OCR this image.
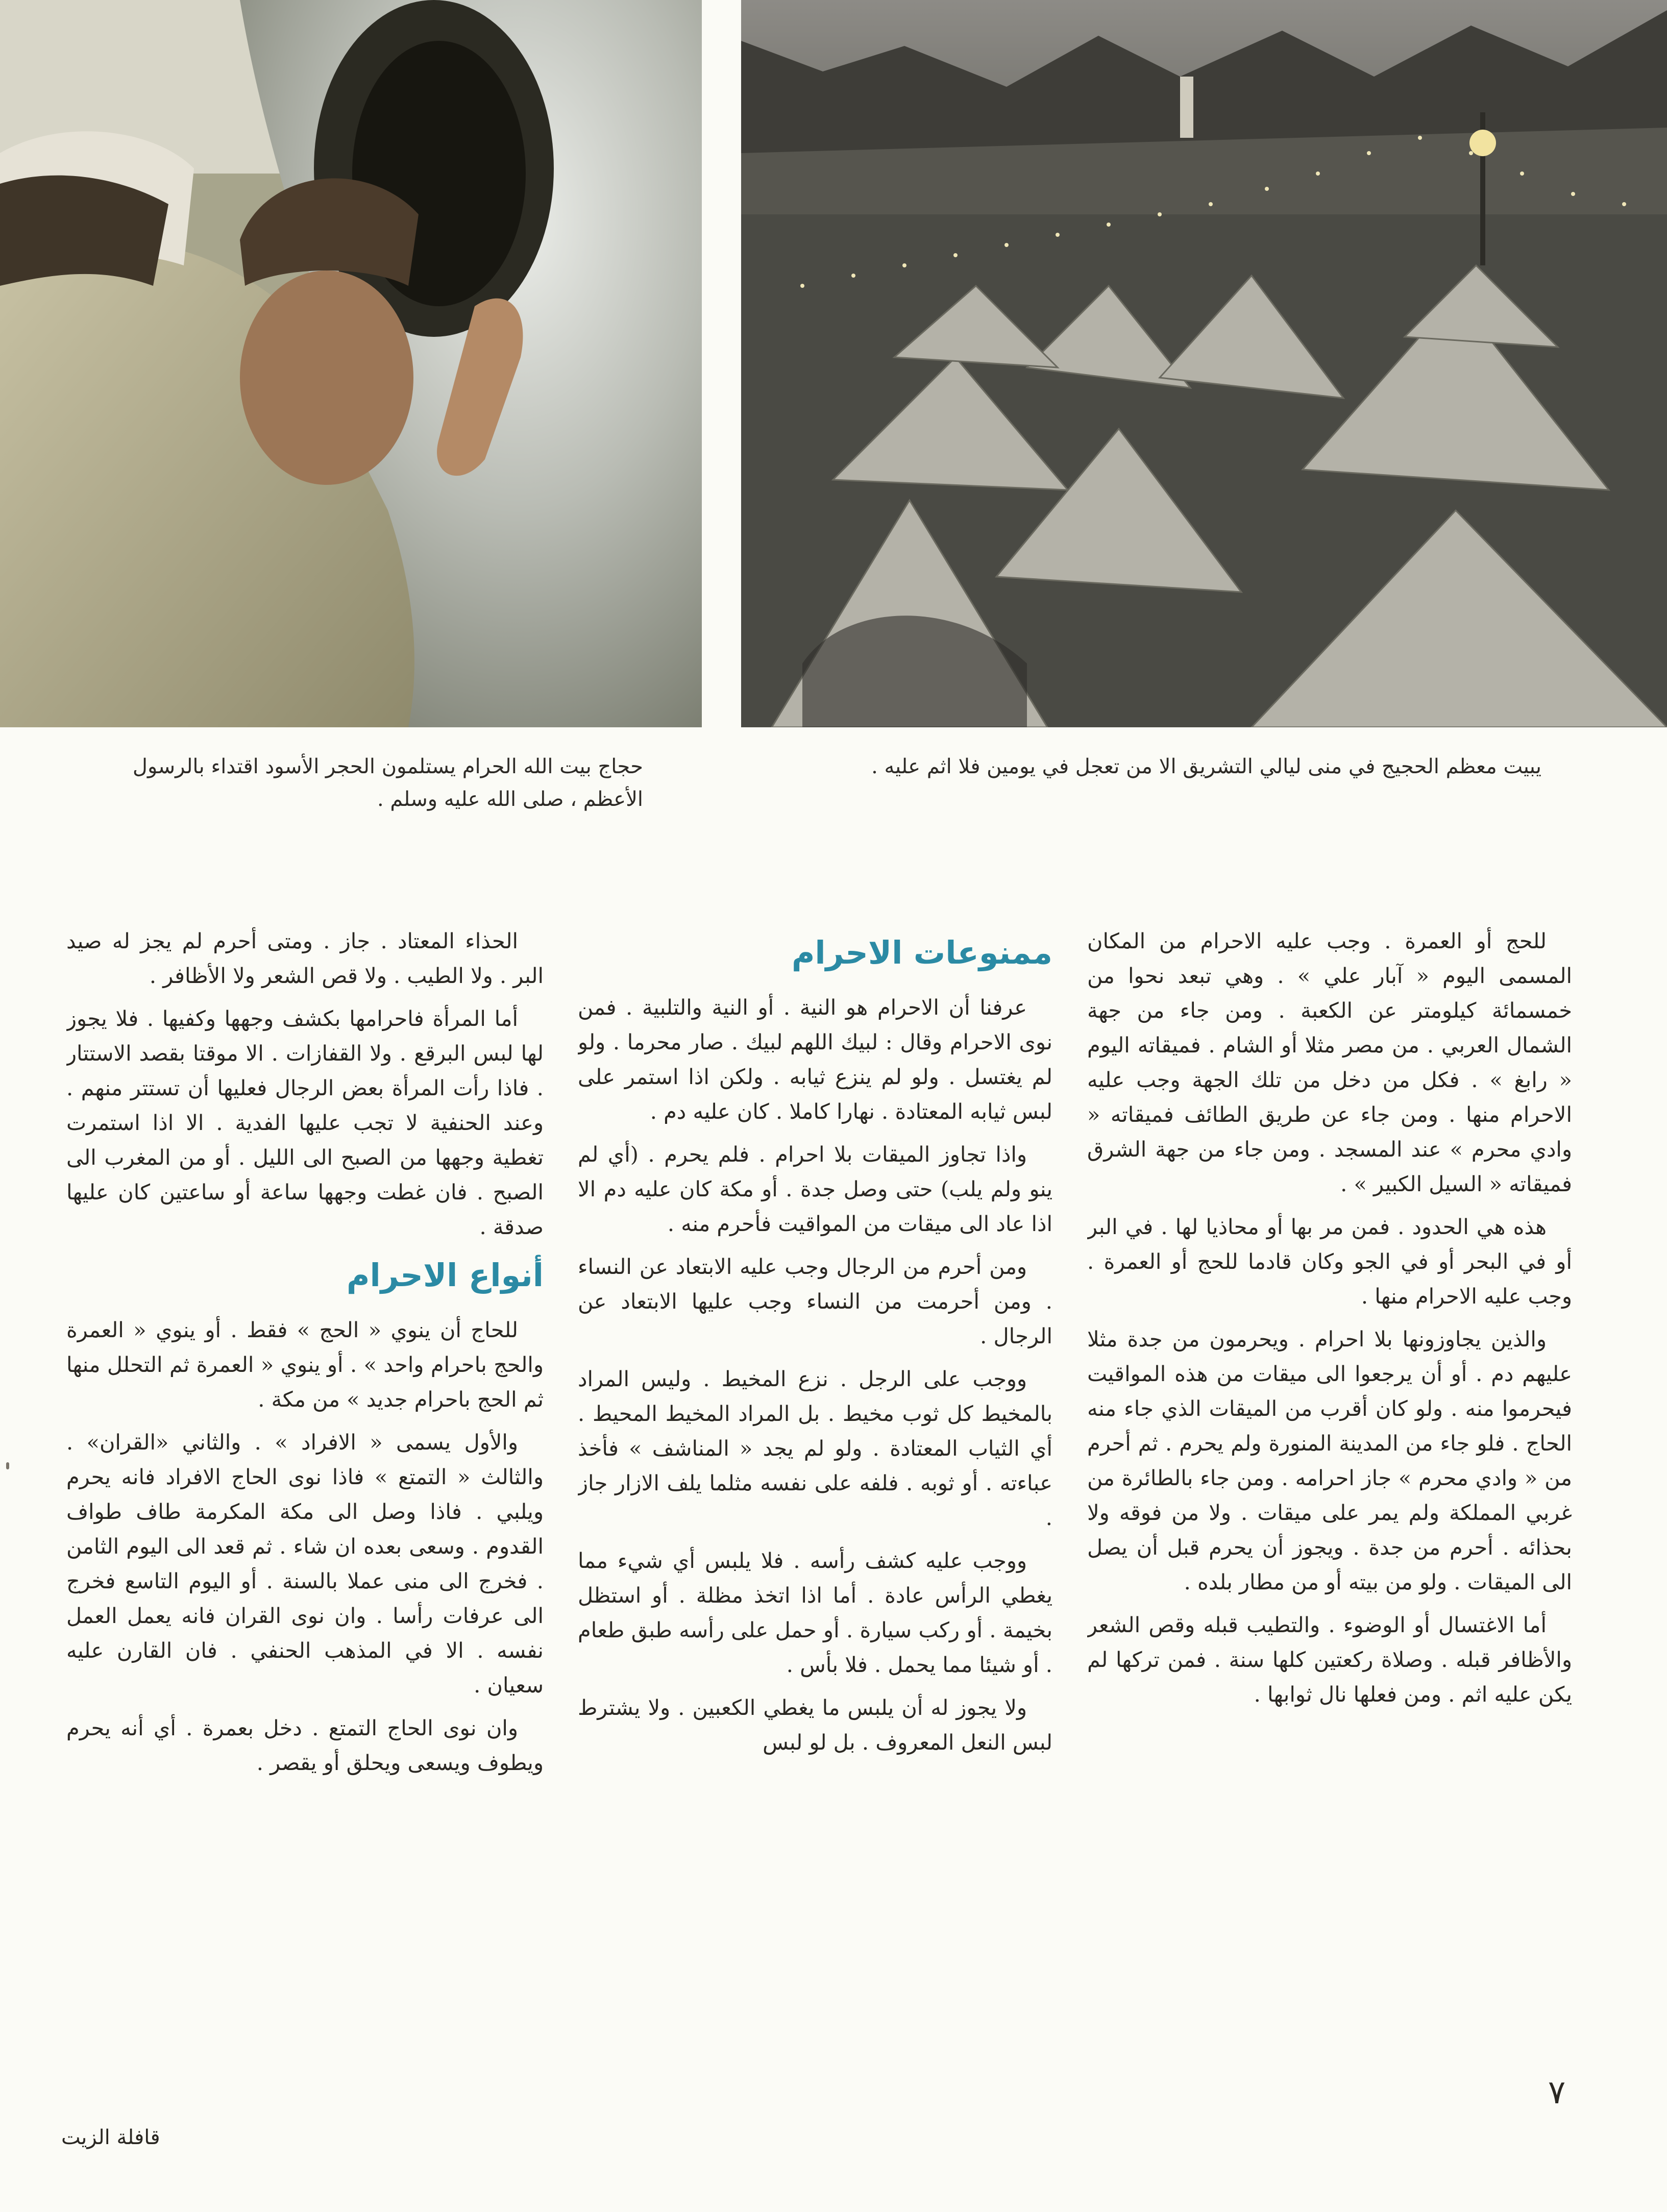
حجاج بيت الله الحرام يستلمون الحجر الأسود اقتداء بالرسول الأعظم ، صلى الله عليه وسلم .
يبيت معظم الحجيج في منى ليالي التشريق الا من تعجل في يومين فلا اثم عليه .

للحج أو العمرة . وجب عليه الاحرام من المكان المسمى اليوم « آبار علي » . وهي تبعد نحوا من خمسمائة كيلومتر عن الكعبة . ومن جاء من جهة الشمال العربي . من مصر مثلا أو الشام . فميقاته اليوم « رابغ » . فكل من دخل من تلك الجهة وجب عليه الاحرام منها . ومن جاء عن طريق الطائف فميقاته « وادي محرم » عند المسجد . ومن جاء من جهة الشرق فميقاته « السيل الكبير » .

هذه هي الحدود . فمن مر بها أو محاذيا لها . في البر أو في البحر أو في الجو وكان قادما للحج أو العمرة . وجب عليه الاحرام منها .

والذين يجاوزونها بلا احرام . ويحرمون من جدة مثلا عليهم دم . أو أن يرجعوا الى ميقات من هذه المواقيت فيحرموا منه . ولو كان أقرب من الميقات الذي جاء منه الحاج . فلو جاء من المدينة المنورة ولم يحرم . ثم أحرم من « وادي محرم » جاز احرامه . ومن جاء بالطائرة من غربي المملكة ولم يمر على ميقات . ولا من فوقه ولا بحذائه . أحرم من جدة . ويجوز أن يحرم قبل أن يصل الى الميقات . ولو من بيته أو من مطار بلده .

أما الاغتسال أو الوضوء . والتطيب قبله وقص الشعر والأظافر قبله . وصلاة ركعتين كلها سنة . فمن تركها لم يكن عليه اثم . ومن فعلها نال ثوابها .

ممنوعات الاحرام

عرفنا أن الاحرام هو النية . أو النية والتلبية . فمن نوى الاحرام وقال : لبيك اللهم لبيك . صار محرما . ولو لم يغتسل . ولو لم ينزع ثيابه . ولكن اذا استمر على لبس ثيابه المعتادة . نهارا كاملا . كان عليه دم .

واذا تجاوز الميقات بلا احرام . فلم يحرم . (أي لم ينو ولم يلب) حتى وصل جدة . أو مكة كان عليه دم الا اذا عاد الى ميقات من المواقيت فأحرم منه .

ومن أحرم من الرجال وجب عليه الابتعاد عن النساء . ومن أحرمت من النساء وجب عليها الابتعاد عن الرجال .

ووجب على الرجل . نزع المخيط . وليس المراد بالمخيط كل ثوب مخيط . بل المراد المخيط المحيط . أي الثياب المعتادة . ولو لم يجد « المناشف » فأخذ عباءته . أو ثوبه . فلفه على نفسه مثلما يلف الازار جاز .

ووجب عليه كشف رأسه . فلا يلبس أي شيء مما يغطي الرأس عادة . أما اذا اتخذ مظلة . أو استظل بخيمة . أو ركب سيارة . أو حمل على رأسه طبق طعام . أو شيئا مما يحمل . فلا بأس .

ولا يجوز له أن يلبس ما يغطي الكعبين . ولا يشترط لبس النعل المعروف . بل لو لبس

الحذاء المعتاد . جاز . ومتى أحرم لم يجز له صيد البر . ولا الطيب . ولا قص الشعر ولا الأظافر .

أما المرأة فاحرامها بكشف وجهها وكفيها . فلا يجوز لها لبس البرقع . ولا القفازات . الا موقتا بقصد الاستتار . فاذا رأت المرأة بعض الرجال فعليها أن تستتر منهم . وعند الحنفية لا تجب عليها الفدية . الا اذا استمرت تغطية وجهها من الصبح الى الليل . أو من المغرب الى الصبح . فان غطت وجهها ساعة أو ساعتين كان عليها صدقة .

أنواع الاحرام

للحاج أن ينوي « الحج » فقط . أو ينوي « العمرة والحج باحرام واحد » . أو ينوي « العمرة ثم التحلل منها ثم الحج باحرام جديد » من مكة .

والأول يسمى « الافراد » . والثاني «القران» . والثالث « التمتع » فاذا نوى الحاج الافراد فانه يحرم ويلبي . فاذا وصل الى مكة المكرمة طاف طواف القدوم . وسعى بعده ان شاء . ثم قعد الى اليوم الثامن . فخرج الى منى عملا بالسنة . أو اليوم التاسع فخرج الى عرفات رأسا . وان نوى القران فانه يعمل العمل نفسه . الا في المذهب الحنفي . فان القارن عليه سعيان .

وان نوى الحاج التمتع . دخل بعمرة . أي أنه يحرم ويطوف ويسعى ويحلق أو يقصر .

٧
قافلة الزيت
